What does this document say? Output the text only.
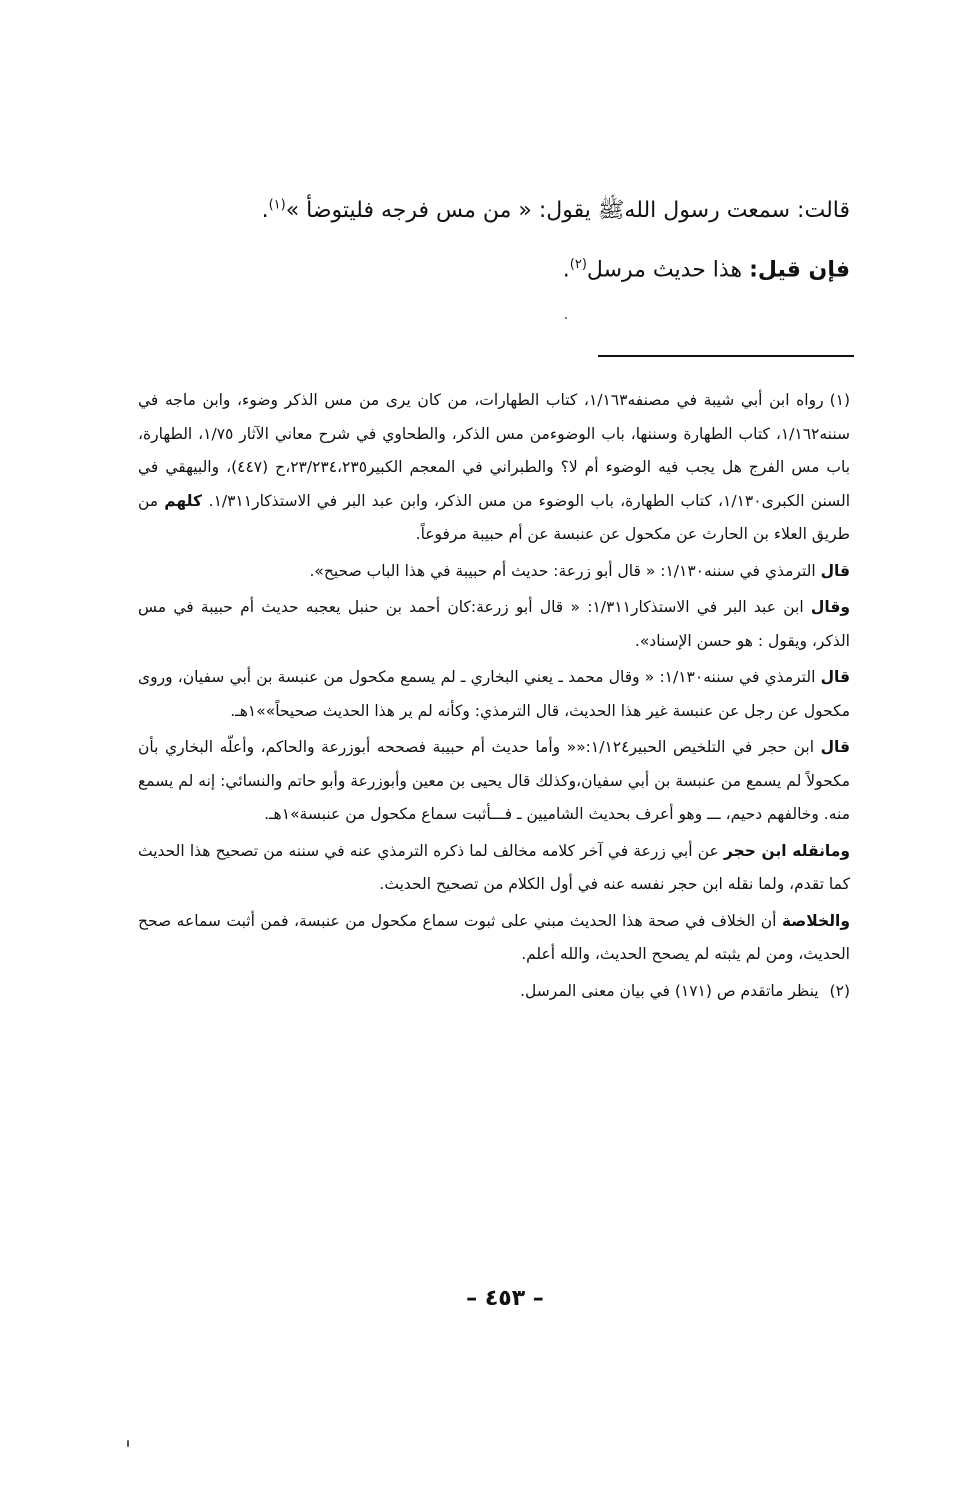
قالت: سمعت رسول اللهﷺ يقول: « من مس فرجه فليتوضأ »$^{(١)}$.

فإن قيل: هذا حديث مرسل$^{(٢)}$.

(١)رواه ابن أبي شيبة في مصنفه١/١٦٣، كتاب الطهارات، من كان يرى من مس الذكر وضوء، وابن ماجه في سننه١/١٦٢، كتاب الطهارة وسننها، باب الوضوءمن مس الذكر، والطحاوي في شرح معاني الآثار ١/٧٥، الطهارة، باب مس الفرج هل يجب فيه الوضوء أم لا؟ والطبراني في المعجم الكبير٢٣/٢٣٤،٢٣٥،ح (٤٤٧)، والبيهقي في السنن الكبرى١/١٣٠، كتاب الطهارة، باب الوضوء من مس الذكر، وابن عبد البر في الاستذكار١/٣١١. كلهم من طريق العلاء بن الحارث عن مكحول عن عنبسة عن أم حبيبة مرفوعاً.

قال الترمذي في سننه١/١٣٠: « قال أبو زرعة: حديث أم حبيبة في هذا الباب صحيح».

وقال ابن عبد البر في الاستذكار١/٣١١: « قال أبو زرعة:كان أحمد بن حنبل يعجبه حديث أم حبيبة في مس الذكر، ويقول : هو حسن الإسناد».

قال الترمذي في سننه١/١٣٠: « وقال محمد ـ يعني البخاري ـ لم يسمع مكحول من عنبسة بن أبي سفيان، وروى مكحول عن رجل عن عنبسة غير هذا الحديث، قال الترمذي: وكأنه لم ير هذا الحديث صحيحاً»»١هـ.

قال ابن حجر في التلخيص الحبير١/١٢٤:«« وأما حديث أم حبيبة فصححه أبوزرعة والحاكم، وأعلّه البخاري بأن مكحولاً لم يسمع من عنبسة بن أبي سفيان،وكذلك قال يحيى بن معين وأبوزرعة وأبو حاتم والنسائي: إنه لم يسمع منه. وخالفهم دحيم، ـــ وهو أعرف بحديث الشاميين ـ فـــأثبت سماع مكحول من عنبسة»١هـ.

ومانقله ابن حجر عن أبي زرعة في آخر كلامه مخالف لما ذكره الترمذي عنه في سننه من تصحيح هذا الحديث كما تقدم، ولما نقله ابن حجر نفسه عنه في أول الكلام من تصحيح الحديث.

والخلاصة أن الخلاف في صحة هذا الحديث مبني على ثبوت سماع مكحول من عنبسة، فمن أثبت سماعه صحح الحديث، ومن لم يثبته لم يصحح الحديث، والله أعلم.

(٢) ينظر ماتقدم ص (١٧١) في بيان معنى المرسل.

– ٤٥٣ –
